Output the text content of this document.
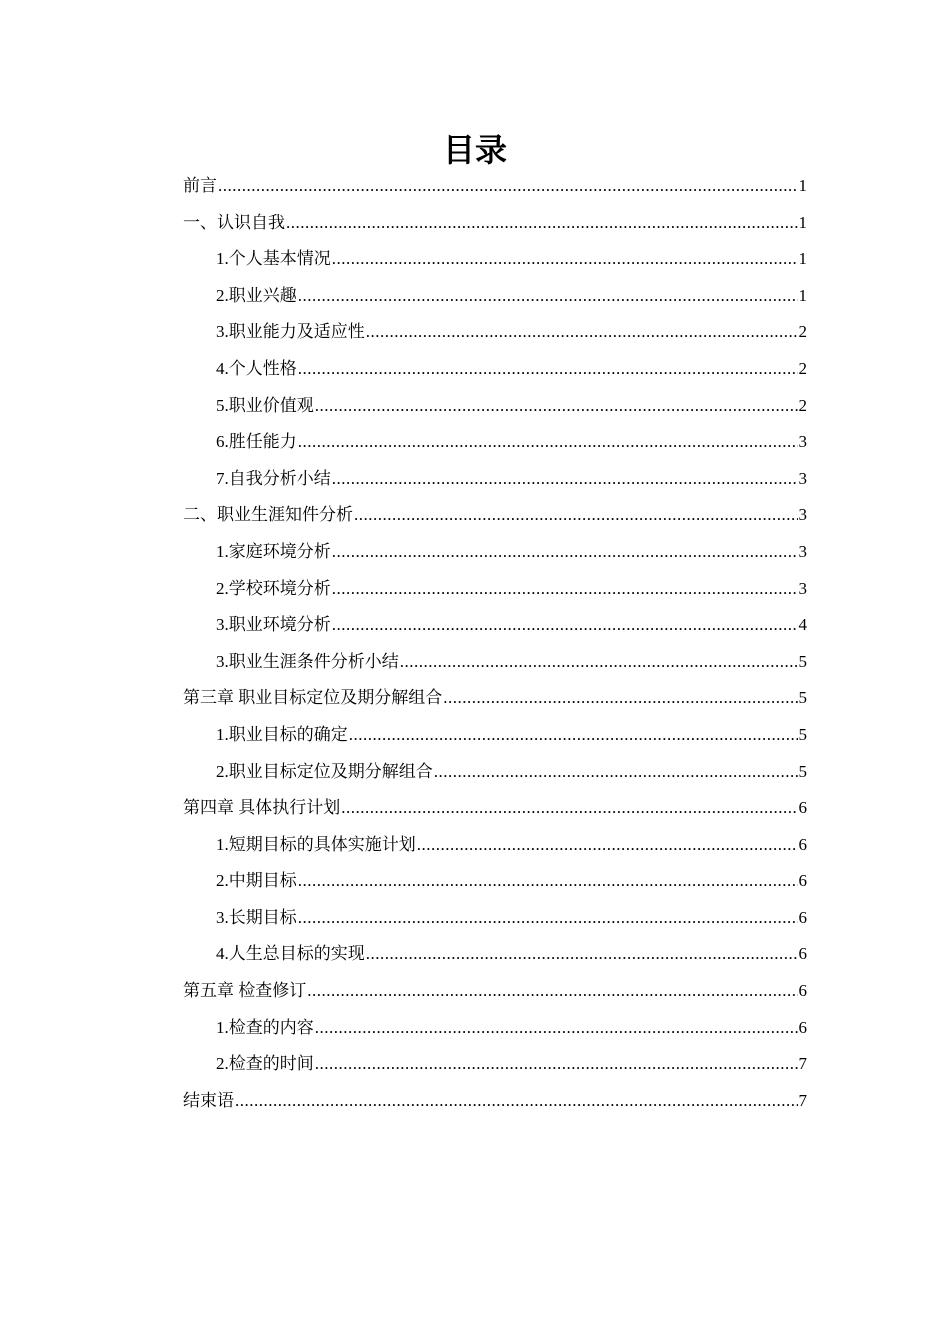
目录
前言 .....	1
一、认识自我 .....	1
1.个人基本情况 .....	1
2.职业兴趣 .....	1
3.职业能力及适应性 .....	2
4.个人性格 .....	2
5.职业价值观 .....	2
6.胜任能力 .....	3
7.自我分析小结 .....	3
二、职业生涯知件分析 .....	3
1.家庭环境分析 .....	3
2.学校环境分析 .....	3
3.职业环境分析 .....	4
3.职业生涯条件分析小结 .....	5
第三章 职业目标定位及期分解组合 .....	5
1.职业目标的确定 .....	5
2.职业目标定位及期分解组合 .....	5
第四章 具体执行计划 .....	6
1.短期目标的具体实施计划 .....	6
2.中期目标 .....	6
3.长期目标 .....	6
4.人生总目标的实现 .....	6
第五章 检查修订 .....	6
1.检查的内容 .....	6
2.检查的时间 .....	7
结束语 .....	7
